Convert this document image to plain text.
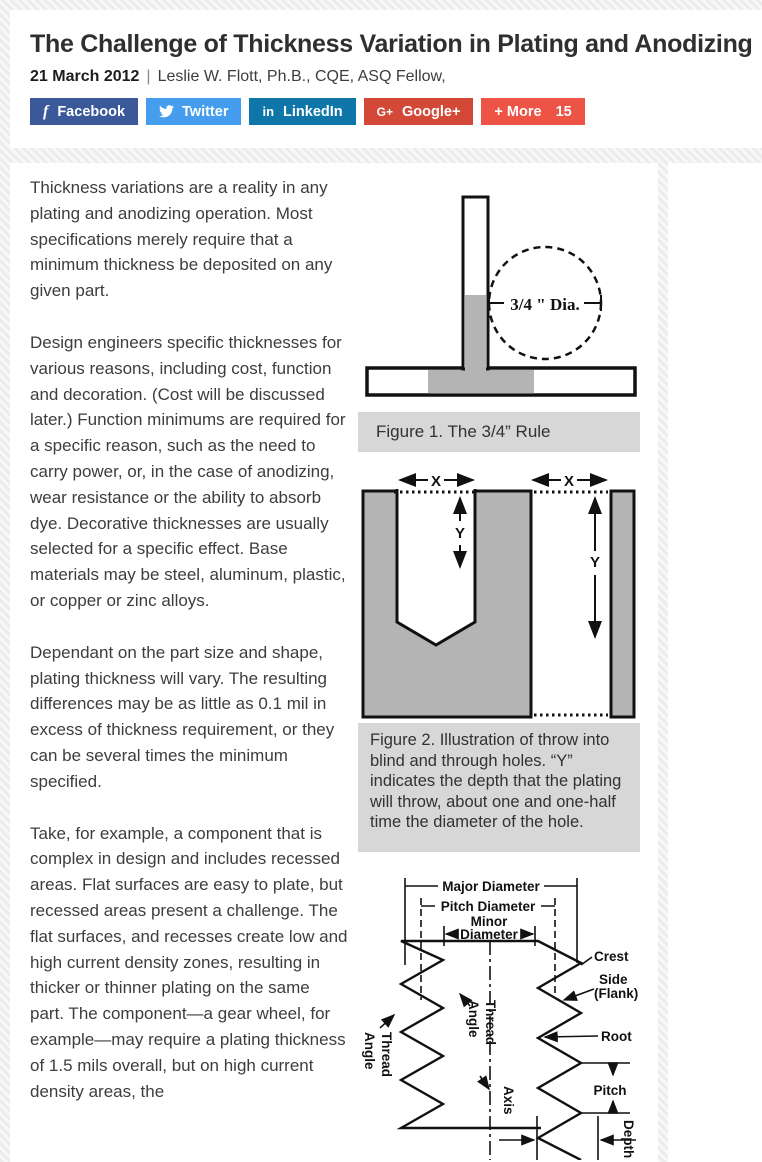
The Challenge of Thickness Variation in Plating and Anodizing
21 March 2012 | Leslie W. Flott, Ph.B., CQE, ASQ Fellow,
f Facebook	Twitter	in LinkedIn	G+ Google+ + More 15

Thickness variations are a reality in any plating and anodizing operation. Most specifications merely require that a minimum thickness be deposited on any given part.

Design engineers specific thicknesses for various reasons, including cost, function and decoration. (Cost will be discussed later.) Function minimums are required for a specific reason, such as the need to carry power, or, in the case of anodizing, wear resistance or the ability to absorb dye. Decorative thicknesses are usually selected for a specific effect. Base materials may be steel, aluminum, plastic, or copper or zinc alloys.

Dependant on the part size and shape, plating thickness will vary. The resulting differences may be as little as 0.1 mil in excess of thickness requirement, or they can be several times the minimum specified.

Take, for example, a component that is complex in design and includes recessed areas. Flat surfaces are easy to plate, but recessed areas present a challenge. The flat surfaces, and recesses create low and high current density zones, resulting in thicker or thinner plating on the same part. The component—a gear wheel, for example—may require a plating thickness of 1.5 mils overall, but on high current density areas, the

3/4 " Dia.
Figure 1. The 3/4” Rule
X	X
Y
Y
Figure 2. Illustration of throw into blind and through holes. “Y” indicates the depth that the plating will throw, about one and one-half time the diameter of the hole.
Major Diameter
Pitch Diameter
Minor
Diameter
Crest
Side
(Flank)
Root
Pitch
ThreadAngle
ThreadAngle
Axis
Depth
